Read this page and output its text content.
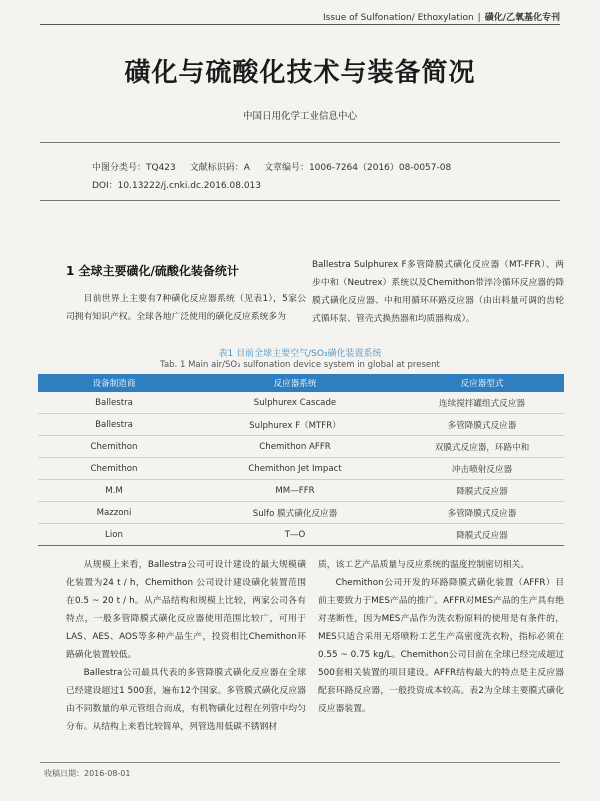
Issue of Sulfonation/ Ethoxylation | 磺化/乙氧基化专刊
磺化与硫酸化技术与装备简况
中国日用化学工业信息中心
中图分类号：TQ423 文献标识码：A 文章编号：1006-7264（2016）08-0057-08
DOI：10.13222/j.cnki.dc.2016.08.013
1 全球主要磺化/硫酸化装备统计
目前世界上主要有7种磺化反应器系统（见表1），5家公司拥有知识产权。全球各地广泛使用的磺化反应系统多为
Ballestra Sulphurex F多管降膜式磺化反应器（MT-FFR）、两步中和（Neutrex）系统以及Chemithon带淬冷循环反应器的降膜式磺化反应器、中和用循环环路反应器（由出料量可调的齿轮式循环泵、管壳式换热器和均质器构成）。
表1 目前全球主要空气/SO₃磺化装置系统
Tab. 1 Main air/SO₃ sulfonation device system in global at present
设备制造商	反应器系统	反应器型式
Ballestra	Sulphurex Cascade	连续搅拌罐组式反应器
Ballestra	Sulphurex F（MTFR）	多管降膜式反应器
Chemithon	Chemithon AFFR	双膜式反应器，环路中和
Chemithon	Chemithon Jet Impact	冲击喷射反应器
M.M	MM—FFR	降膜式反应器
Mazzoni	Sulfo 膜式磺化反应器	多管降膜式反应器
Lion	T—O	降膜式反应器
从规模上来看，Ballestra公司可设计建设的最大规模磺化装置为24 t / h，Chemithon 公司设计建设磺化装置范围在0.5 ~ 20 t / h。从产品结构和规模上比较，两家公司各有特点，一般多管降膜式磺化反应器使用范围比较广，可用于LAS、AES、AOS等多种产品生产，投资相比Chemithon环路磺化装置较低。
Ballestra公司最具代表的多管降膜式磺化反应器在全球已经建设超过1 500套，遍布12个国家。多管膜式磺化反应器由不同数量的单元管组合而成，有机物磺化过程在列管中均匀分布。从结构上来看比较简单，列管选用低碳不锈钢材
质，该工艺产品质量与反应系统的温度控制密切相关。
Chemithon公司开发的环路降膜式磺化装置（AFFR）目前主要致力于MES产品的推广。AFFR对MES产品的生产具有绝对垄断性，因为MES产品作为洗衣粉原料的使用是有条件的，MES只适合采用无塔喷粉工艺生产高密度洗衣粉，指标必须在0.55 ~ 0.75 kg/L。Chemithon公司目前在全球已经完成超过500套相关装置的项目建设。AFFR结构最大的特点是主反应器配套环路反应器，一般投资成本较高。表2为全球主要膜式磺化反应器装置。
收稿日期：2016-08-01
